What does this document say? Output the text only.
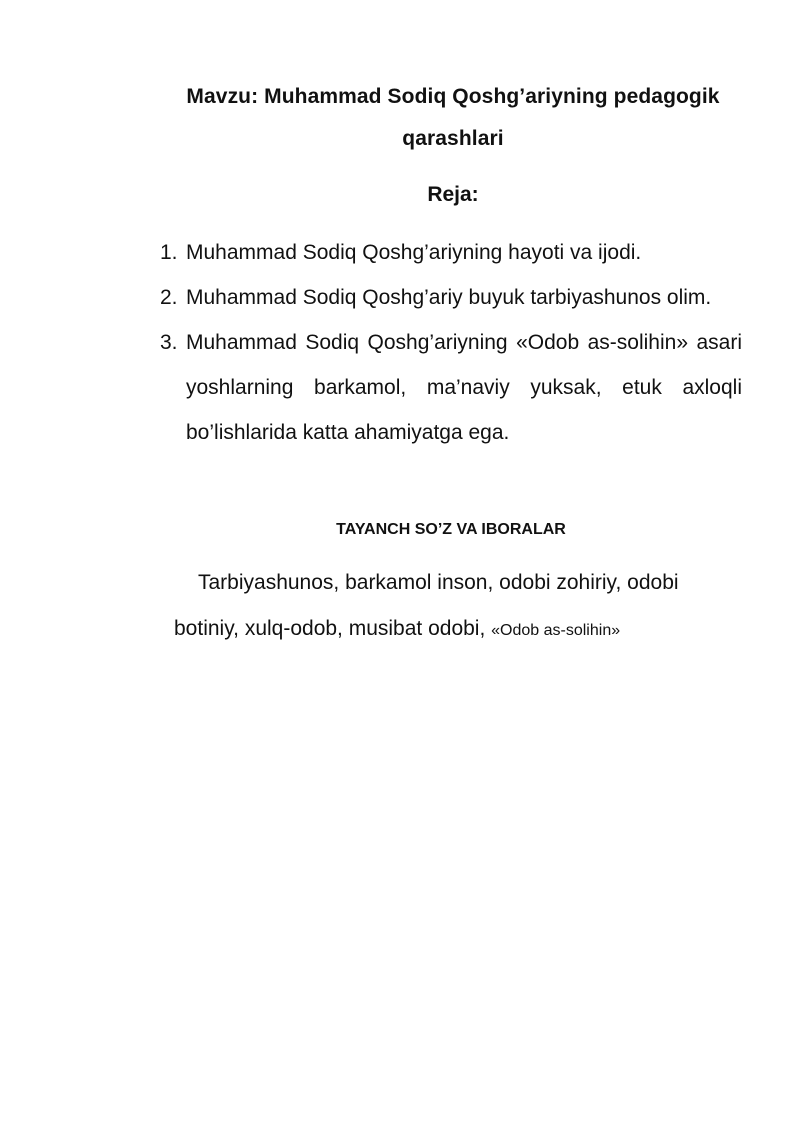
Mavzu: Muhammad Sodiq Qoshg’ariyning pedagogik
qarashlari
Reja:
1. Muhammad Sodiq Qoshg’ariyning hayoti va ijodi.
2. Muhammad Sodiq Qoshg’ariy buyuk tarbiyashunos olim.
3. Muhammad Sodiq Qoshg’ariyning «Odob as-solihin» asari yoshlarning barkamol, ma’naviy yuksak, etuk axloqli bo’lishlarida katta ahamiyatga ega.
TAYANCH SO’Z VA IBORALAR
Tarbiyashunos, barkamol inson, odobi zohiriy, odobi botiniy, xulq-odob, musibat odobi, «Odob as-solihin»
